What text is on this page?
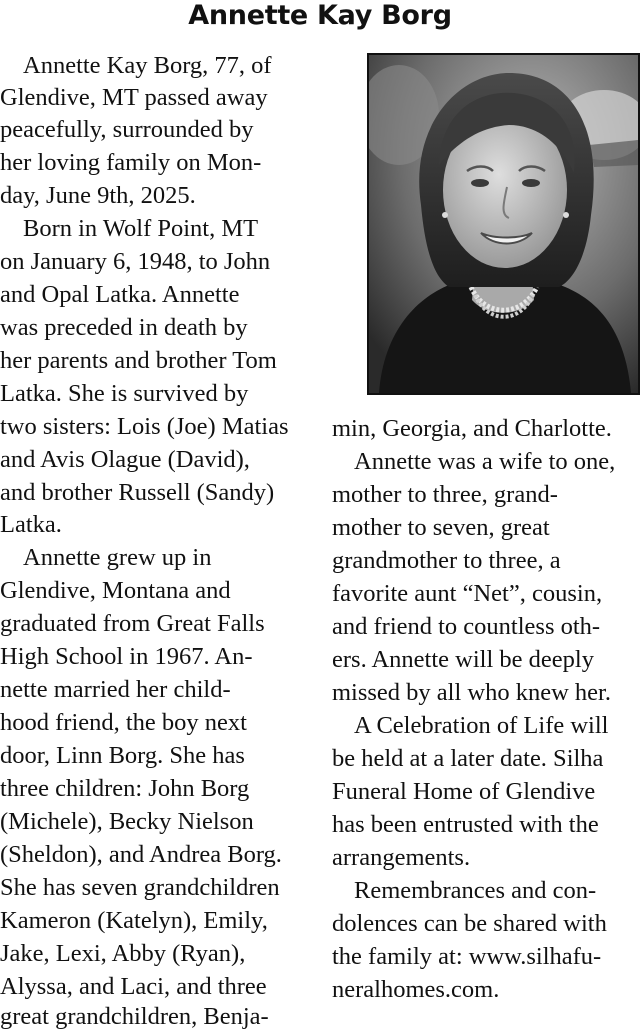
Annette Kay Borg
Annette Kay Borg, 77, of
Glendive, MT passed away
peacefully, surrounded by
her loving family on Mon-
day, June 9th, 2025.
Born in Wolf Point, MT
on January 6, 1948, to John
and Opal Latka. Annette
was preceded in death by
her parents and brother Tom
Latka. She is survived by
two sisters: Lois (Joe) Matias
and Avis Olague (David),
and brother Russell (Sandy)
Latka.
Annette grew up in
Glendive, Montana and
graduated from Great Falls
High School in 1967. An-
nette married her child-
hood friend, the boy next
door, Linn Borg. She has
three children: John Borg
(Michele), Becky Nielson
(Sheldon), and Andrea Borg.
She has seven grandchildren
Kameron (Katelyn), Emily,
Jake, Lexi, Abby (Ryan),
Alyssa, and Laci, and three
great grandchildren, Benja-
min, Georgia, and Charlotte.
Annette was a wife to one,
mother to three, grand-
mother to seven, great
grandmother to three, a
favorite aunt “Net”, cousin,
and friend to countless oth-
ers. Annette will be deeply
missed by all who knew her.
A Celebration of Life will
be held at a later date. Silha
Funeral Home of Glendive
has been entrusted with the
arrangements.
Remembrances and con-
dolences can be shared with
the family at: www.silhafu-
neralhomes.com.
